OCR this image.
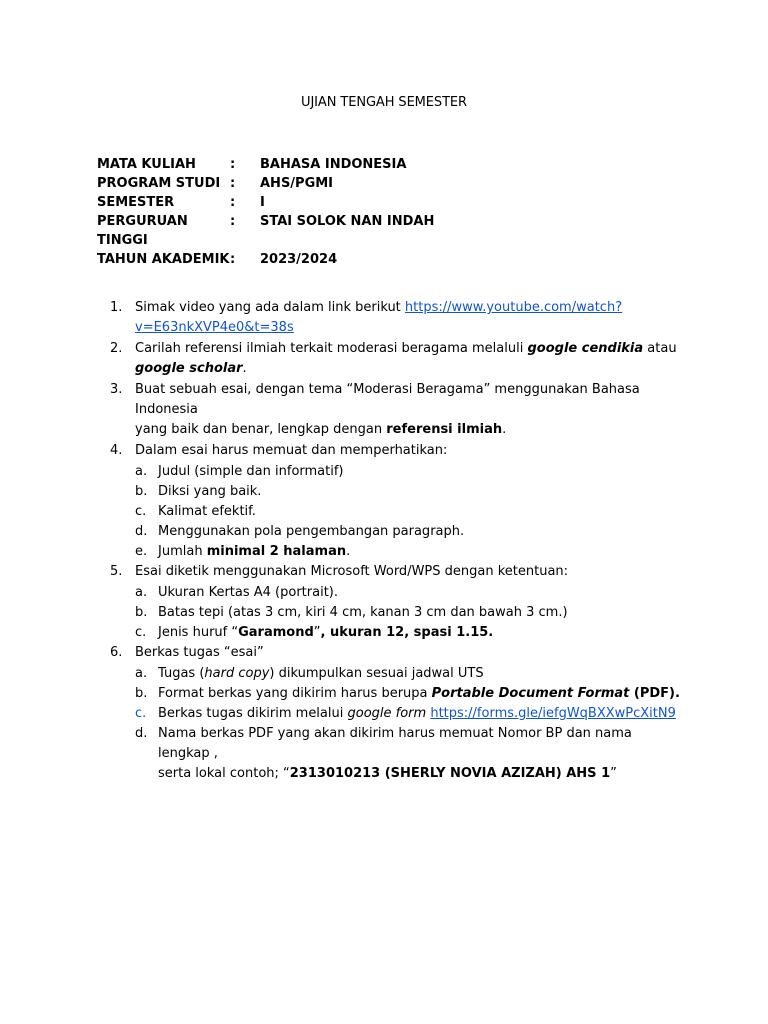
UJIAN TENGAH SEMESTER
MATA KULIAH	:	BAHASA INDONESIA
PROGRAM STUDI :	AHS/PGMI
SEMESTER	:	I
PERGURUAN	:	STAI SOLOK NAN INDAH
TINGGI
TAHUN AKADEMIK :	2023/2024
1. Simak video yang ada dalam link berikut https://www.youtube.com/watch?
v=E63nkXVP4e0&t=38s
2. Carilah referensi ilmiah terkait moderasi beragama melaluli google cendikia atau
google scholar.
3. Buat sebuah esai, dengan tema “Moderasi Beragama” menggunakan Bahasa Indonesia
yang baik dan benar, lengkap dengan referensi ilmiah.
4. Dalam esai harus memuat dan memperhatikan:
a. Judul (simple dan informatif)
b. Diksi yang baik.
c. Kalimat efektif.
d. Menggunakan pola pengembangan paragraph.
e. Jumlah minimal 2 halaman.
5. Esai diketik menggunakan Microsoft Word/WPS dengan ketentuan:
a. Ukuran Kertas A4 (portrait).
b. Batas tepi (atas 3 cm, kiri 4 cm, kanan 3 cm dan bawah 3 cm.)
c. Jenis huruf “Garamond”, ukuran 12, spasi 1.15.
6. Berkas tugas “esai”
a. Tugas (hard copy) dikumpulkan sesuai jadwal UTS
b. Format berkas yang dikirim harus berupa Portable Document Format (PDF).
c. Berkas tugas dikirim melalui google form https://forms.gle/iefgWqBXXwPcXitN9
d. Nama berkas PDF yang akan dikirim harus memuat Nomor BP dan nama lengkap ,
serta lokal contoh; “2313010213 (SHERLY NOVIA AZIZAH) AHS 1”
